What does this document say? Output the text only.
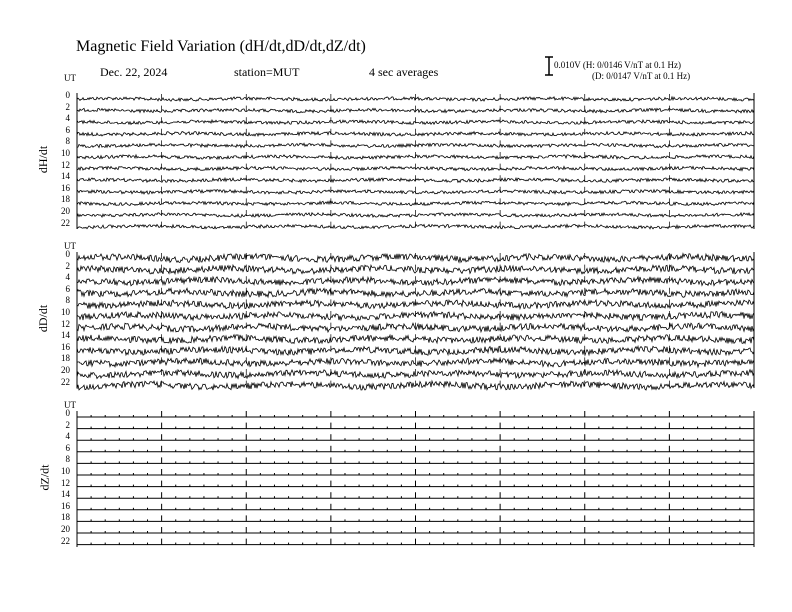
Magnetic Field Variation (dH/dt,dD/dt,dZ/dt)
Dec. 22, 2024	station=MUT	4 sec averages	0.010V (H: 0/0146 V/nT at 0.1 Hz)
(D: 0/0147 V/nT at 0.1 Hz)
UT
dH/dt
0
2
4
6
8
10
12
14
16
18
20
22
UT
dD/dt
0
2
4
6
8
10
12
14
16
18
20
22
UT
dZ/dt
0
2
4
6
8
10
12
14
16
18
20
22
